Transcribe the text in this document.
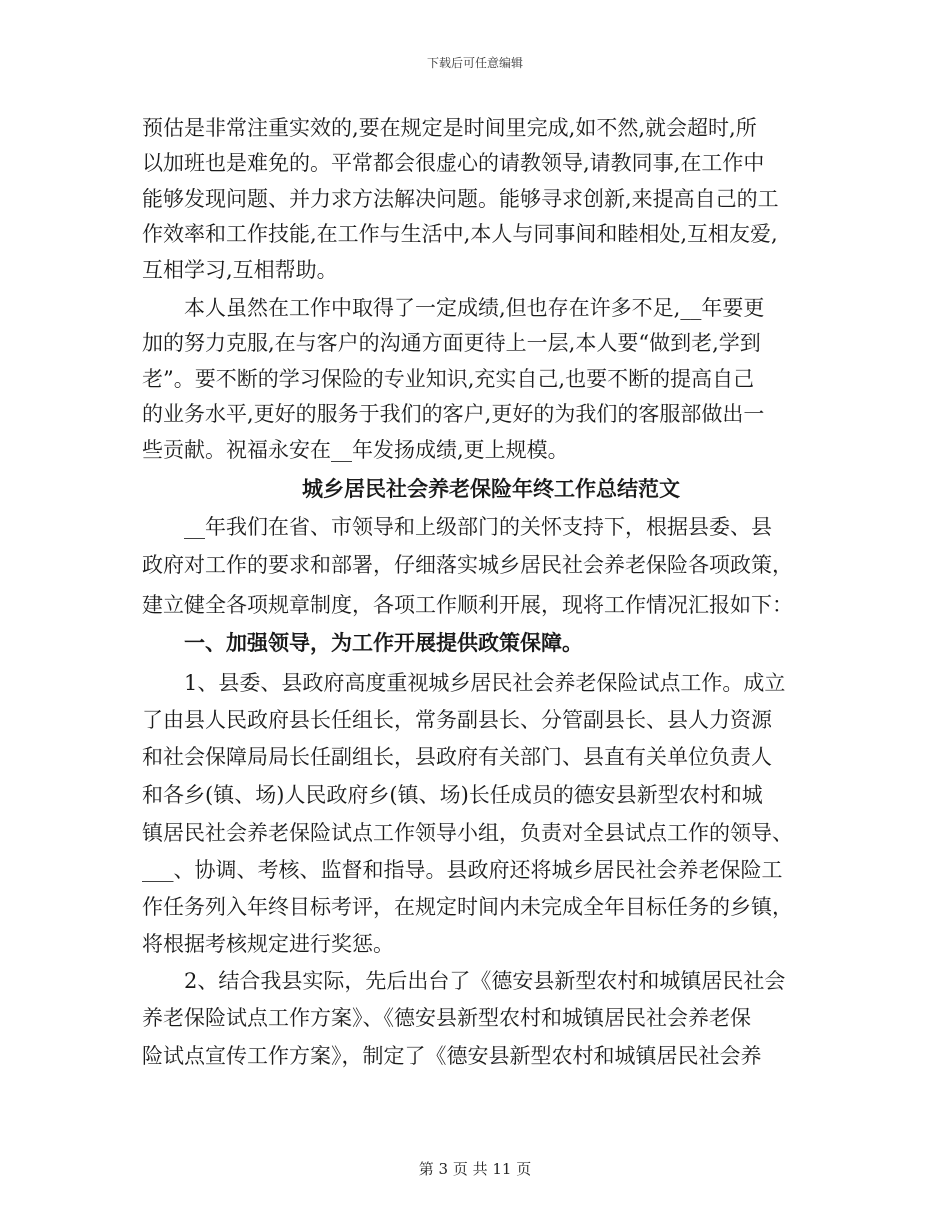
下载后可任意编辑
预估是非常注重实效的,要在规定是时间里完成,如不然,就会超时,所
以加班也是难免的。平常都会很虚心的请教领导,请教同事,在工作中
能够发现问题、并力求方法解决问题。能够寻求创新,来提高自己的工
作效率和工作技能,在工作与生活中,本人与同事间和睦相处,互相友爱,
互相学习,互相帮助。
本人虽然在工作中取得了一定成绩,但也存在许多不足,__年要更
加的努力克服,在与客户的沟通方面更待上一层,本人要“做到老,学到
老”。要不断的学习保险的专业知识,充实自己,也要不断的提高自己
的业务水平,更好的服务于我们的客户,更好的为我们的客服部做出一
些贡献。祝福永安在__年发扬成绩,更上规模。
城乡居民社会养老保险年终工作总结范文
__年我们在省、市领导和上级部门的关怀支持下，根据县委、县
政府对工作的要求和部署，仔细落实城乡居民社会养老保险各项政策，
建立健全各项规章制度，各项工作顺利开展，现将工作情况汇报如下：
一、加强领导，为工作开展提供政策保障。
1、县委、县政府高度重视城乡居民社会养老保险试点工作。成立
了由县人民政府县长任组长，常务副县长、分管副县长、县人力资源
和社会保障局局长任副组长，县政府有关部门、县直有关单位负责人
和各乡(镇、场)人民政府乡(镇、场)长任成员的德安县新型农村和城
镇居民社会养老保险试点工作领导小组，负责对全县试点工作的领导、
___、协调、考核、监督和指导。县政府还将城乡居民社会养老保险工
作任务列入年终目标考评，在规定时间内未完成全年目标任务的乡镇，
将根据考核规定进行奖惩。
2、结合我县实际，先后出台了《德安县新型农村和城镇居民社会
养老保险试点工作方案》、《德安县新型农村和城镇居民社会养老保
险试点宣传工作方案》，制定了《德安县新型农村和城镇居民社会养
第 3 页 共 11 页
